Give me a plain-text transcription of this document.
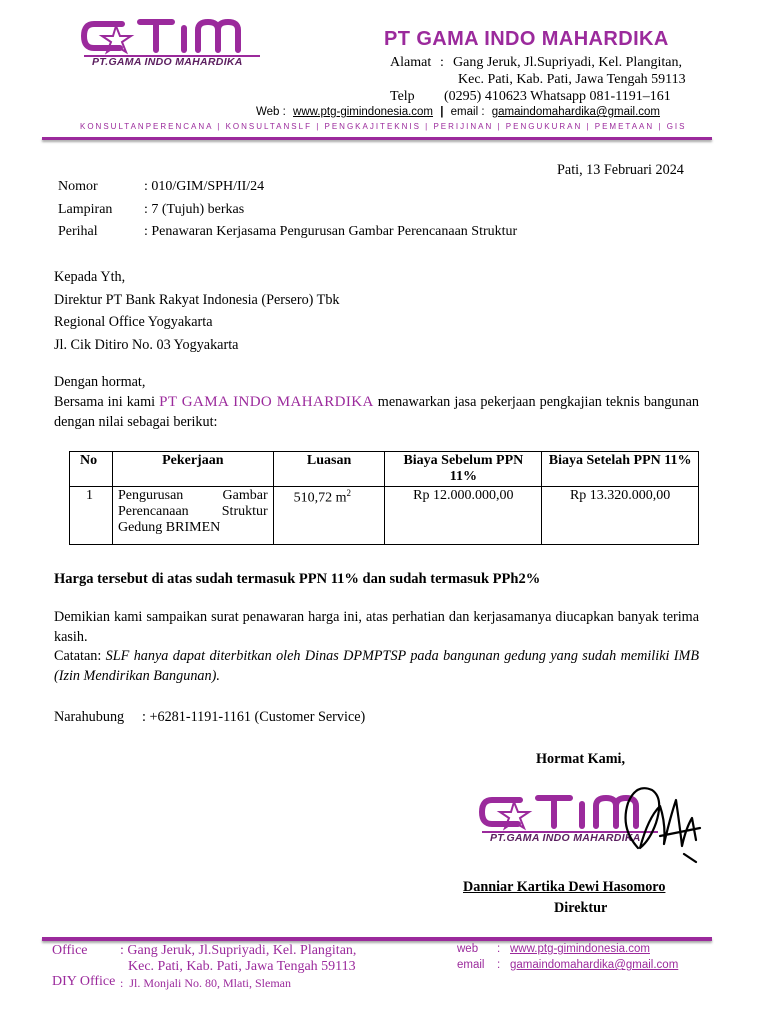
PT.GAMA INDO MAHARDIKA
PT GAMA INDO MAHARDIKA
Alamat : Gang Jeruk, Jl.Supriyadi, Kel. Plangitan,
Kec. Pati, Kab. Pati, Jawa Tengah 59113
Telp (0295) 410623 Whatsapp 081-1191–161
Web : www.ptg-gimindonesia.com | email : gamaindomahardika@gmail.com
KONSULTANPERENCANA | KONSULTANSLF | PENGKAJITEKNIS | PERIJINAN | PENGUKURAN | PEMETAAN | GIS
Pati, 13 Februari 2024
Nomor	: 010/GIM/SPH/II/24
Lampiran : 7 (Tujuh) berkas
Perihal	: Penawaran Kerjasama Pengurusan Gambar Perencanaan Struktur
Kepada Yth,
Direktur PT Bank Rakyat Indonesia (Persero) Tbk
Regional Office Yogyakarta
Jl. Cik Ditiro No. 03 Yogyakarta
Dengan hormat,
Bersama ini kami PT GAMA INDO MAHARDIKA menawarkan jasa pekerjaan pengkajian teknis bangunan dengan nilai sebagai berikut:
No	Pekerjaan	Luasan	Biaya Sebelum PPN 11%	Biaya Setelah PPN 11%
1	Pengurusan Gambar Perencanaan Struktur Gedung BRIMEN	510,72 $m^2$	Rp 12.000.000,00	Rp 13.320.000,00
Harga tersebut di atas sudah termasuk PPN 11% dan sudah termasuk PPh2%
Demikian kami sampaikan surat penawaran harga ini, atas perhatian dan kerjasamanya diucapkan banyak terima kasih.
Catatan: SLF hanya dapat diterbitkan oleh Dinas DPMPTSP pada bangunan gedung yang sudah memiliki IMB (Izin Mendirikan Bangunan).
Narahubung : +6281-1191-1161 (Customer Service)
Hormat Kami,
PT.GAMA INDO MAHARDIKA
Danniar Kartika Dewi Hasomoro
Direktur
Office : Gang Jeruk, Jl.Supriyadi, Kel. Plangitan,
Kec. Pati, Kab. Pati, Jawa Tengah 59113
DIY Office :  Jl. Monjali No. 80, Mlati, Sleman
web : www.ptg-gimindonesia.com
email : gamaindomahardika@gmail.com
